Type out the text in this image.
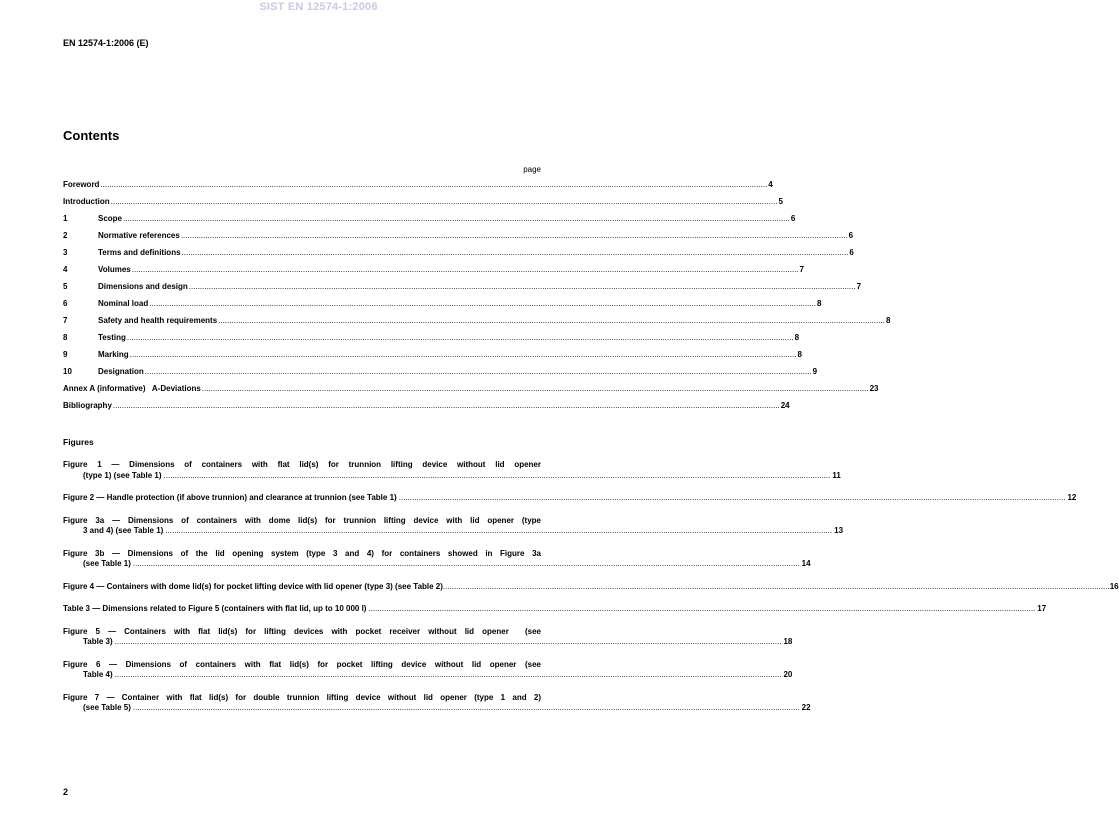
SIST EN 12574-1:2006
EN 12574-1:2006 (E)
Contents
page
Foreword ............................................................................................................................................................................................................................................................................................................ 4
Introduction ............................................................................................................................................................................................................................................................................................................ 5
1	Scope ............................................................................................................................................................................................................................................................................................................ 6
2	Normative references ............................................................................................................................................................................................................................................................................................................ 6
3	Terms and definitions ............................................................................................................................................................................................................................................................................................................ 6
4	Volumes ............................................................................................................................................................................................................................................................................................................ 7
5	Dimensions and design ............................................................................................................................................................................................................................................................................................................ 7
6	Nominal load ............................................................................................................................................................................................................................................................................................................ 8
7	Safety and health requirements ............................................................................................................................................................................................................................................................................................................ 8
8	Testing ............................................................................................................................................................................................................................................................................................................ 8
9	Marking ............................................................................................................................................................................................................................................................................................................ 8
10	Designation ............................................................................................................................................................................................................................................................................................................ 9
Annex A (informative)   A-Deviations ............................................................................................................................................................................................................................................................................................................ 23
Bibliography ............................................................................................................................................................................................................................................................................................................ 24
Figures
Figure 1 — Dimensions of containers with flat lid(s) for trunnion lifting device without lid opener
(type 1) (see Table 1) ............................................................................................................................................................................................................................................................................................................ 11
Figure 2 — Handle protection (if above trunnion) and clearance at trunnion (see Table 1) ............................................................................................................................................................................................................................................................................................................ 12
Figure 3a — Dimensions of containers with dome lid(s) for trunnion lifting device with lid opener (type
3 and 4) (see Table 1) ............................................................................................................................................................................................................................................................................................................ 13
Figure 3b — Dimensions of the lid opening system (type 3 and 4) for containers showed in Figure 3a
(see Table 1) ............................................................................................................................................................................................................................................................................................................ 14
Figure 4 — Containers with dome lid(s) for pocket lifting device with lid opener (type 3) (see Table 2) ............................................................................................................................................................................................................................................................................................................ 16
Table 3 — Dimensions related to Figure 5 (containers with flat lid, up to 10 000 l) ............................................................................................................................................................................................................................................................................................................ 17
Figure 5 — Containers with flat lid(s) for lifting devices with pocket receiver without lid opener  (see
Table 3) ............................................................................................................................................................................................................................................................................................................ 18
Figure 6 — Dimensions of containers with flat lid(s) for pocket lifting device without lid opener (see
Table 4) ............................................................................................................................................................................................................................................................................................................ 20
Figure 7 — Container with flat lid(s) for double trunnion lifting device without lid opener (type 1 and 2)
(see Table 5) ............................................................................................................................................................................................................................................................................................................ 22
2
